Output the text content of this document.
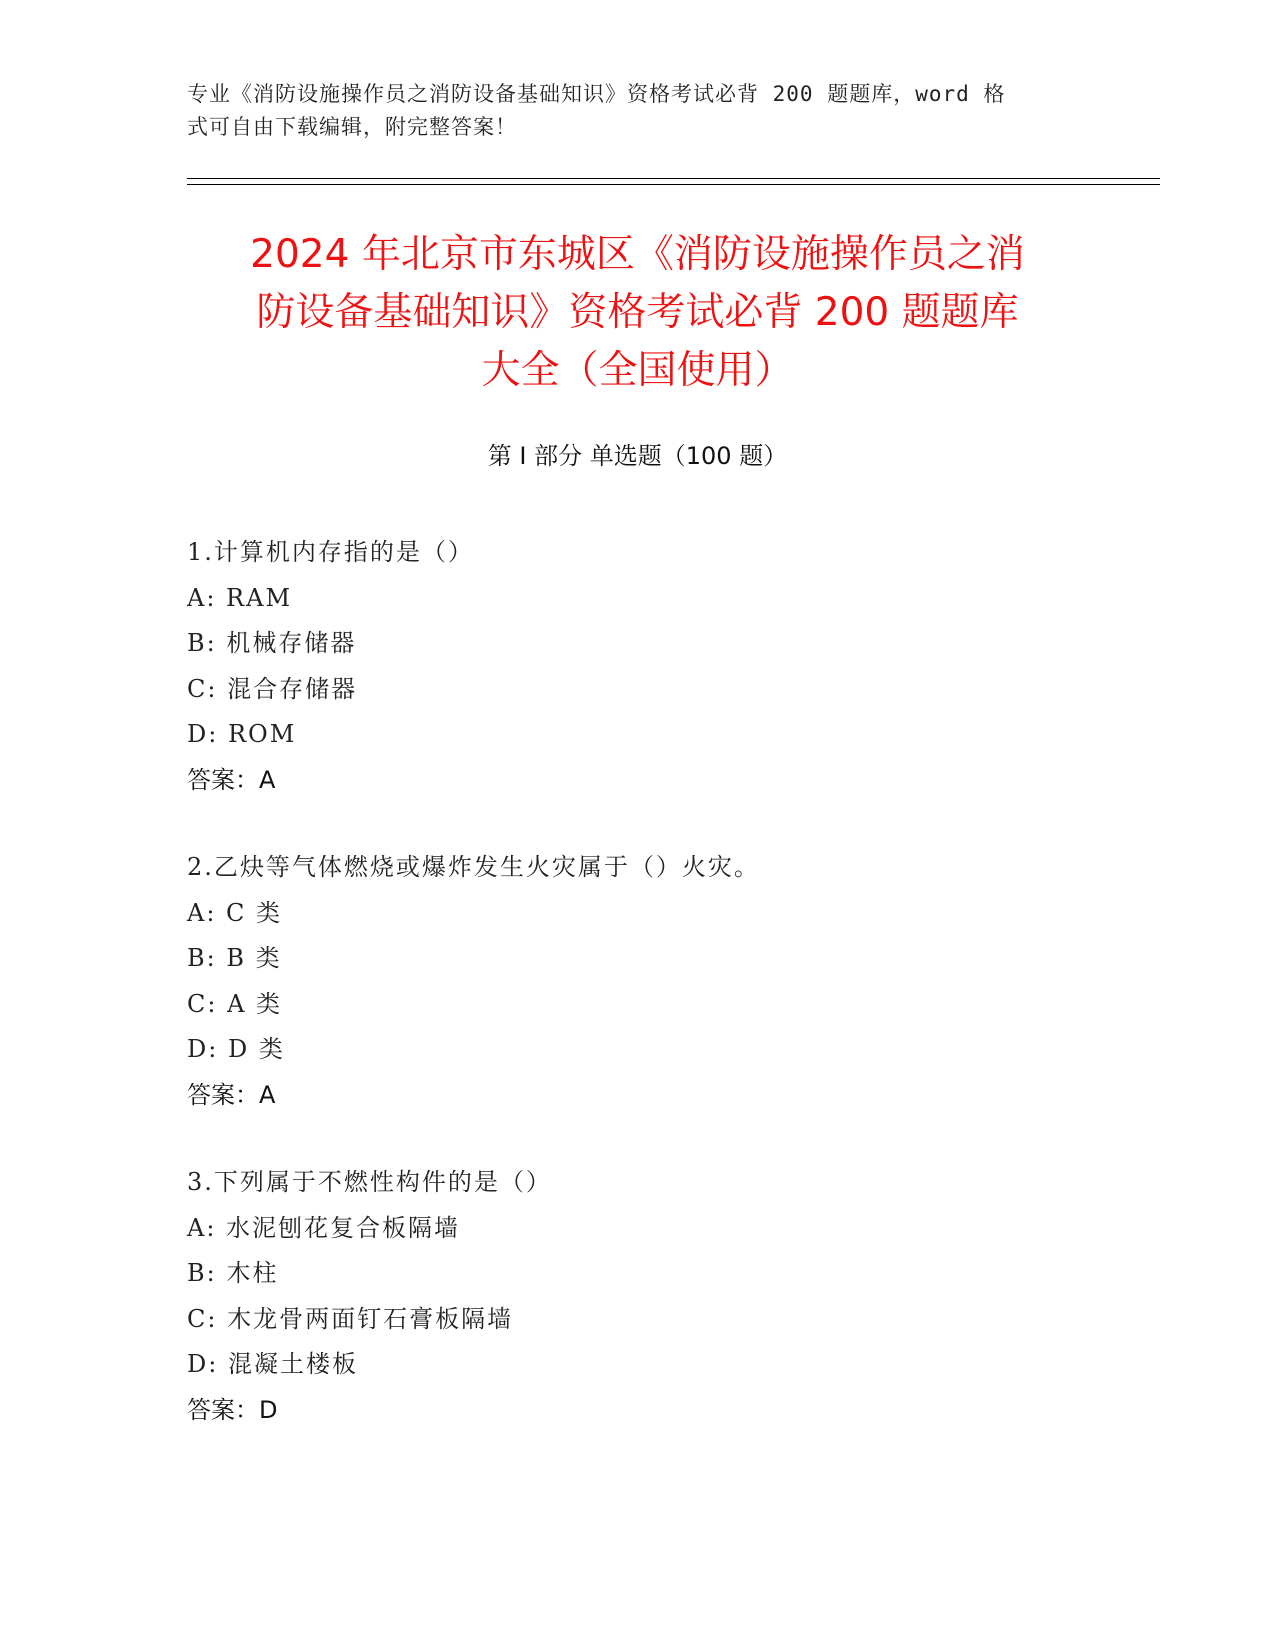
专业《消防设施操作员之消防设备基础知识》资格考试必背 200 题题库，word 格
式可自由下载编辑，附完整答案！
2024 年北京市东城区《消防设施操作员之消
防设备基础知识》资格考试必背 200 题题库
大全（全国使用）
第 I 部分 单选题（100 题）
1.计算机内存指的是（）
A: RAM
B: 机械存储器
C: 混合存储器
D: ROM
答案：A
2.乙炔等气体燃烧或爆炸发生火灾属于（）火灾。
A: C 类
B: B 类
C: A 类
D: D 类
答案：A
3.下列属于不燃性构件的是（）
A: 水泥刨花复合板隔墙
B: 木柱
C: 木龙骨两面钉石膏板隔墙
D: 混凝土楼板
答案：D
